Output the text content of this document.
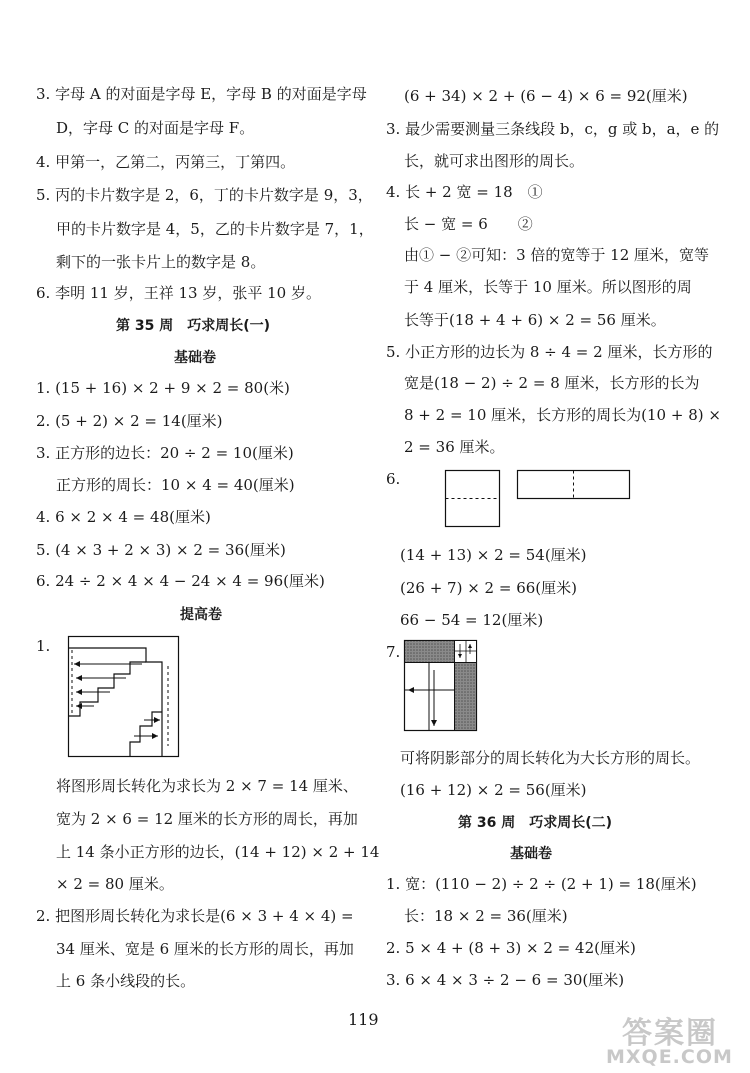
3. 字母 A 的对面是字母 E，字母 B 的对面是字母
D，字母 C 的对面是字母 F。
4. 甲第一，乙第二，丙第三，丁第四。
5. 丙的卡片数字是 2，6，丁的卡片数字是 9，3，
甲的卡片数字是 4，5，乙的卡片数字是 7，1，
剩下的一张卡片上的数字是 8。
6. 李明 11 岁，王祥 13 岁，张平 10 岁。
第 35 周　巧求周长(一)
基础卷
1. (15 + 16) × 2 + 9 × 2 = 80(米)
2. (5 + 2) × 2 = 14(厘米)
3. 正方形的边长：20 ÷ 2 = 10(厘米)
正方形的周长：10 × 4 = 40(厘米)
4. 6 × 2 × 4 = 48(厘米)
5. (4 × 3 + 2 × 3) × 2 = 36(厘米)
6. 24 ÷ 2 × 4 × 4 − 24 × 4 = 96(厘米)
提高卷
1.
将图形周长转化为求长为 2 × 7 = 14 厘米、
宽为 2 × 6 = 12 厘米的长方形的周长，再加
上 14 条小正方形的边长，(14 + 12) × 2 + 14
× 2 = 80 厘米。
2. 把图形周长转化为求长是(6 × 3 + 4 × 4) =
34 厘米、宽是 6 厘米的长方形的周长，再加
上 6 条小线段的长。
(6 + 34) × 2 + (6 − 4) × 6 = 92(厘米)
3. 最少需要测量三条线段 b，c，g 或 b，a，e 的
长，就可求出图形的周长。
4. 长 + 2 宽 = 18　①
长 − 宽 = 6　　②
由① − ②可知：3 倍的宽等于 12 厘米，宽等
于 4 厘米，长等于 10 厘米。所以图形的周
长等于(18 + 4 + 6) × 2 = 56 厘米。
5. 小正方形的边长为 8 ÷ 4 = 2 厘米，长方形的
宽是(18 − 2) ÷ 2 = 8 厘米，长方形的长为
8 + 2 = 10 厘米，长方形的周长为(10 + 8) ×
2 = 36 厘米。
6.
(14 + 13) × 2 = 54(厘米)
(26 + 7) × 2 = 66(厘米)
66 − 54 = 12(厘米)
7.
可将阴影部分的周长转化为大长方形的周长。
(16 + 12) × 2 = 56(厘米)
第 36 周　巧求周长(二)
基础卷
1. 宽：(110 − 2) ÷ 2 ÷ (2 + 1) = 18(厘米)
长：18 × 2 = 36(厘米)
2. 5 × 4 + (8 + 3) × 2 = 42(厘米)
3. 6 × 4 × 3 ÷ 2 − 6 = 30(厘米)
119	答案圈
MXQE.COM
